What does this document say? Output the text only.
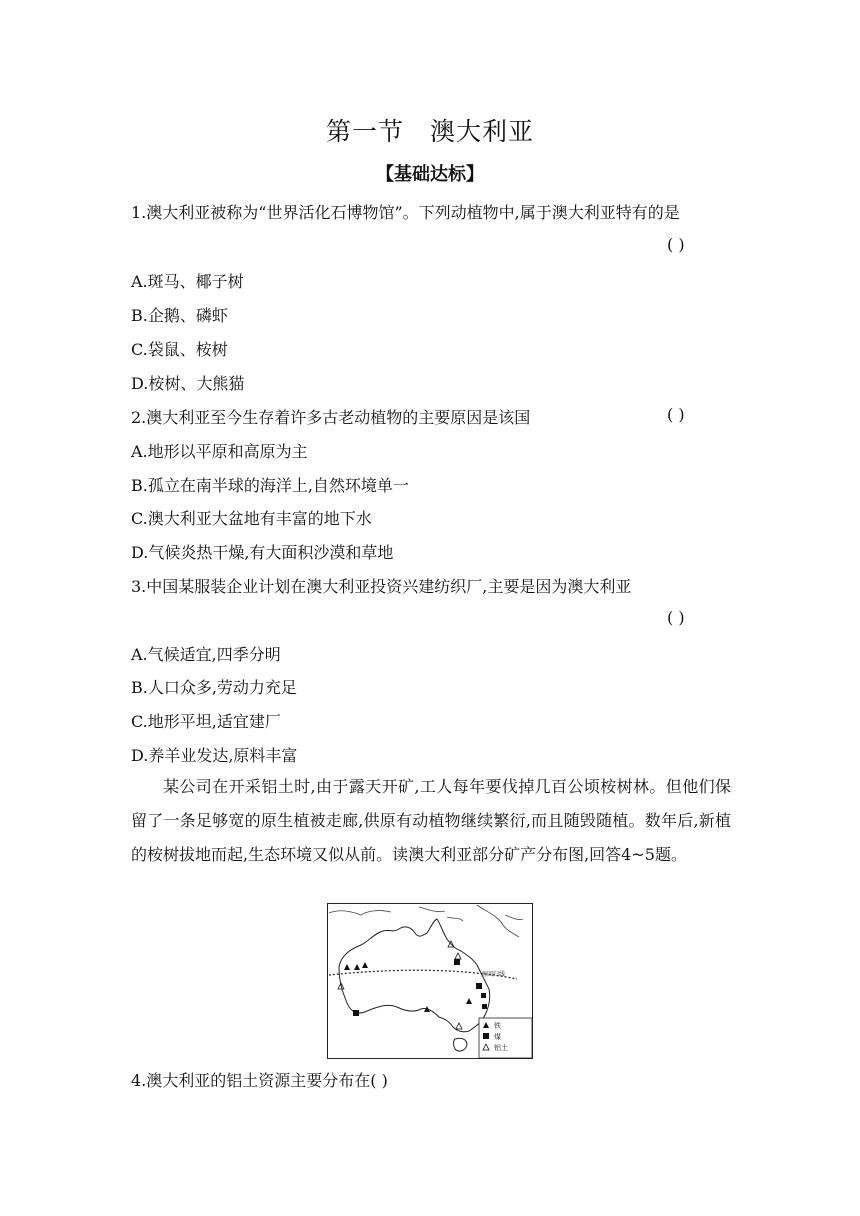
第一节 澳大利亚
【基础达标】
1.澳大利亚被称为“世界活化石博物馆”。下列动植物中,属于澳大利亚特有的是
( )
A.斑马、椰子树
B.企鹅、磷虾
C.袋鼠、桉树
D.桉树、大熊猫
2.澳大利亚至今生存着许多古老动植物的主要原因是该国	( )
A.地形以平原和高原为主
B.孤立在南半球的海洋上,自然环境单一
C.澳大利亚大盆地有丰富的地下水
D.气候炎热干燥,有大面积沙漠和草地
3.中国某服装企业计划在澳大利亚投资兴建纺织厂,主要是因为澳大利亚
( )
A.气候适宜,四季分明
B.人口众多,劳动力充足
C.地形平坦,适宜建厂
D.养羊业发达,原料丰富
某公司在开采铝土时,由于露天开矿,工人每年要伐掉几百公顷桉树林。但他们保留了一条足够宽的原生植被走廊,供原有动植物继续繁衍,而且随毁随植。数年后,新植的桉树拔地而起,生态环境又似从前。读澳大利亚部分矿产分布图,回答4~5题。
南回归线
铁
煤
铝土
4.澳大利亚的铝土资源主要分布在( )
